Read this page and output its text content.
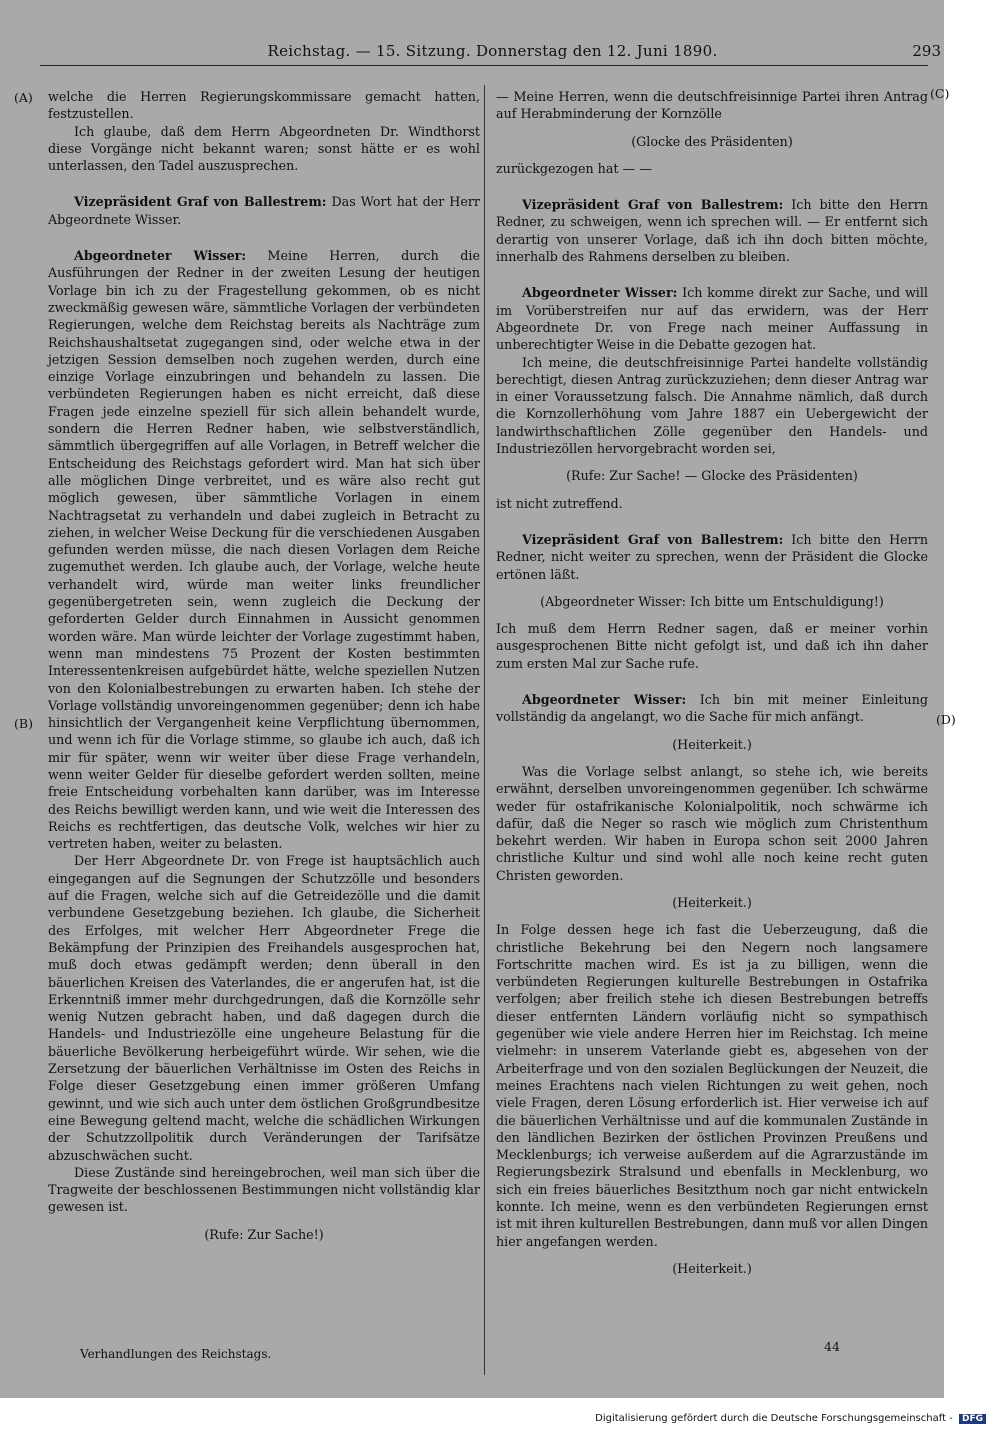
Reichstag. — 15. Sitzung. Donnerstag den 12. Juni 1890.	293
(A)
(B)
(C)
(D)

welche die Herren Regierungskommissare gemacht hatten, festzustellen.

Ich glaube, daß dem Herrn Abgeordneten Dr. Windthorst diese Vorgänge nicht bekannt waren; sonst hätte er es wohl unterlassen, den Tadel auszusprechen.

Vizepräsident Graf von Ballestrem: Das Wort hat der Herr Abgeordnete Wisser.

Abgeordneter Wisser: Meine Herren, durch die Ausführungen der Redner in der zweiten Lesung der heutigen Vorlage bin ich zu der Fragestellung gekommen, ob es nicht zweckmäßig gewesen wäre, sämmtliche Vorlagen der verbündeten Regierungen, welche dem Reichstag bereits als Nachträge zum Reichshaushaltsetat zugegangen sind, oder welche etwa in der jetzigen Session demselben noch zugehen werden, durch eine einzige Vorlage einzubringen und behandeln zu lassen. Die verbündeten Regierungen haben es nicht erreicht, daß diese Fragen jede einzelne speziell für sich allein behandelt wurde, sondern die Herren Redner haben, wie selbstverständlich, sämmtlich übergegriffen auf alle Vorlagen, in Betreff welcher die Entscheidung des Reichstags gefordert wird. Man hat sich über alle möglichen Dinge verbreitet, und es wäre also recht gut möglich gewesen, über sämmtliche Vorlagen in einem Nachtragsetat zu verhandeln und dabei zugleich in Betracht zu ziehen, in welcher Weise Deckung für die verschiedenen Ausgaben gefunden werden müsse, die nach diesen Vorlagen dem Reiche zugemuthet werden. Ich glaube auch, der Vorlage, welche heute verhandelt wird, würde man weiter links freundlicher gegenübergetreten sein, wenn zugleich die Deckung der geforderten Gelder durch Einnahmen in Aussicht genommen worden wäre. Man würde leichter der Vorlage zugestimmt haben, wenn man mindestens 75 Prozent der Kosten bestimmten Interessentenkreisen aufgebürdet hätte, welche speziellen Nutzen von den Kolonialbestrebungen zu erwarten haben. Ich stehe der Vorlage vollständig unvoreingenommen gegenüber; denn ich habe hinsichtlich der Vergangenheit keine Verpflichtung übernommen, und wenn ich für die Vorlage stimme, so glaube ich auch, daß ich mir für später, wenn wir weiter über diese Frage verhandeln, wenn weiter Gelder für dieselbe gefordert werden sollten, meine freie Entscheidung vorbehalten kann darüber, was im Interesse des Reichs bewilligt werden kann, und wie weit die Interessen des Reichs es rechtfertigen, das deutsche Volk, welches wir hier zu vertreten haben, weiter zu belasten.

Der Herr Abgeordnete Dr. von Frege ist hauptsächlich auch eingegangen auf die Segnungen der Schutzzölle und besonders auf die Fragen, welche sich auf die Getreidezölle und die damit verbundene Gesetzgebung beziehen. Ich glaube, die Sicherheit des Erfolges, mit welcher Herr Abgeordneter Frege die Bekämpfung der Prinzipien des Freihandels ausgesprochen hat, muß doch etwas gedämpft werden; denn überall in den bäuerlichen Kreisen des Vaterlandes, die er angerufen hat, ist die Erkenntniß immer mehr durchgedrungen, daß die Kornzölle sehr wenig Nutzen gebracht haben, und daß dagegen durch die Handels- und Industriezölle eine ungeheure Belastung für die bäuerliche Bevölkerung herbeigeführt würde. Wir sehen, wie die Zersetzung der bäuerlichen Verhältnisse im Osten des Reichs in Folge dieser Gesetzgebung einen immer größeren Umfang gewinnt, und wie sich auch unter dem östlichen Großgrundbesitze eine Bewegung geltend macht, welche die schädlichen Wirkungen der Schutzzollpolitik durch Veränderungen der Tarifsätze abzuschwächen sucht.

Diese Zustände sind hereingebrochen, weil man sich über die Tragweite der beschlossenen Bestimmungen nicht vollständig klar gewesen ist.

(Rufe: Zur Sache!)

— Meine Herren, wenn die deutschfreisinnige Partei ihren Antrag auf Herabminderung der Kornzölle

(Glocke des Präsidenten)

zurückgezogen hat — —

Vizepräsident Graf von Ballestrem: Ich bitte den Herrn Redner, zu schweigen, wenn ich sprechen will. — Er entfernt sich derartig von unserer Vorlage, daß ich ihn doch bitten möchte, innerhalb des Rahmens derselben zu bleiben.

Abgeordneter Wisser: Ich komme direkt zur Sache, und will im Vorüberstreifen nur auf das erwidern, was der Herr Abgeordnete Dr. von Frege nach meiner Auffassung in unberechtigter Weise in die Debatte gezogen hat.

Ich meine, die deutschfreisinnige Partei handelte vollständig berechtigt, diesen Antrag zurückzuziehen; denn dieser Antrag war in einer Voraussetzung falsch. Die Annahme nämlich, daß durch die Kornzollerhöhung vom Jahre 1887 ein Uebergewicht der landwirthschaftlichen Zölle gegenüber den Handels- und Industriezöllen hervorgebracht worden sei,

(Rufe: Zur Sache! — Glocke des Präsidenten)

ist nicht zutreffend.

Vizepräsident Graf von Ballestrem: Ich bitte den Herrn Redner, nicht weiter zu sprechen, wenn der Präsident die Glocke ertönen läßt.

(Abgeordneter Wisser: Ich bitte um Entschuldigung!)

Ich muß dem Herrn Redner sagen, daß er meiner vorhin ausgesprochenen Bitte nicht gefolgt ist, und daß ich ihn daher zum ersten Mal zur Sache rufe.

Abgeordneter Wisser: Ich bin mit meiner Einleitung vollständig da angelangt, wo die Sache für mich anfängt.

(Heiterkeit.)

Was die Vorlage selbst anlangt, so stehe ich, wie bereits erwähnt, derselben unvoreingenommen gegenüber. Ich schwärme weder für ostafrikanische Kolonialpolitik, noch schwärme ich dafür, daß die Neger so rasch wie möglich zum Christenthum bekehrt werden. Wir haben in Europa schon seit 2000 Jahren christliche Kultur und sind wohl alle noch keine recht guten Christen geworden.

(Heiterkeit.)

In Folge dessen hege ich fast die Ueberzeugung, daß die christliche Bekehrung bei den Negern noch langsamere Fortschritte machen wird. Es ist ja zu billigen, wenn die verbündeten Regierungen kulturelle Bestrebungen in Ostafrika verfolgen; aber freilich stehe ich diesen Bestrebungen betreffs dieser entfernten Ländern vorläufig nicht so sympathisch gegenüber wie viele andere Herren hier im Reichstag. Ich meine vielmehr: in unserem Vaterlande giebt es, abgesehen von der Arbeiterfrage und von den sozialen Beglückungen der Neuzeit, die meines Erachtens nach vielen Richtungen zu weit gehen, noch viele Fragen, deren Lösung erforderlich ist. Hier verweise ich auf die bäuerlichen Verhältnisse und auf die kommunalen Zustände in den ländlichen Bezirken der östlichen Provinzen Preußens und Mecklenburgs; ich verweise außerdem auf die Agrarzustände im Regierungsbezirk Stralsund und ebenfalls in Mecklenburg, wo sich ein freies bäuerliches Besitzthum noch gar nicht entwickeln konnte. Ich meine, wenn es den verbündeten Regierungen ernst ist mit ihren kulturellen Bestrebungen, dann muß vor allen Dingen hier angefangen werden.

(Heiterkeit.)

Verhandlungen des Reichstags.	44
Digitalisierung gefördert durch die Deutsche Forschungsgemeinschaft - DFG
